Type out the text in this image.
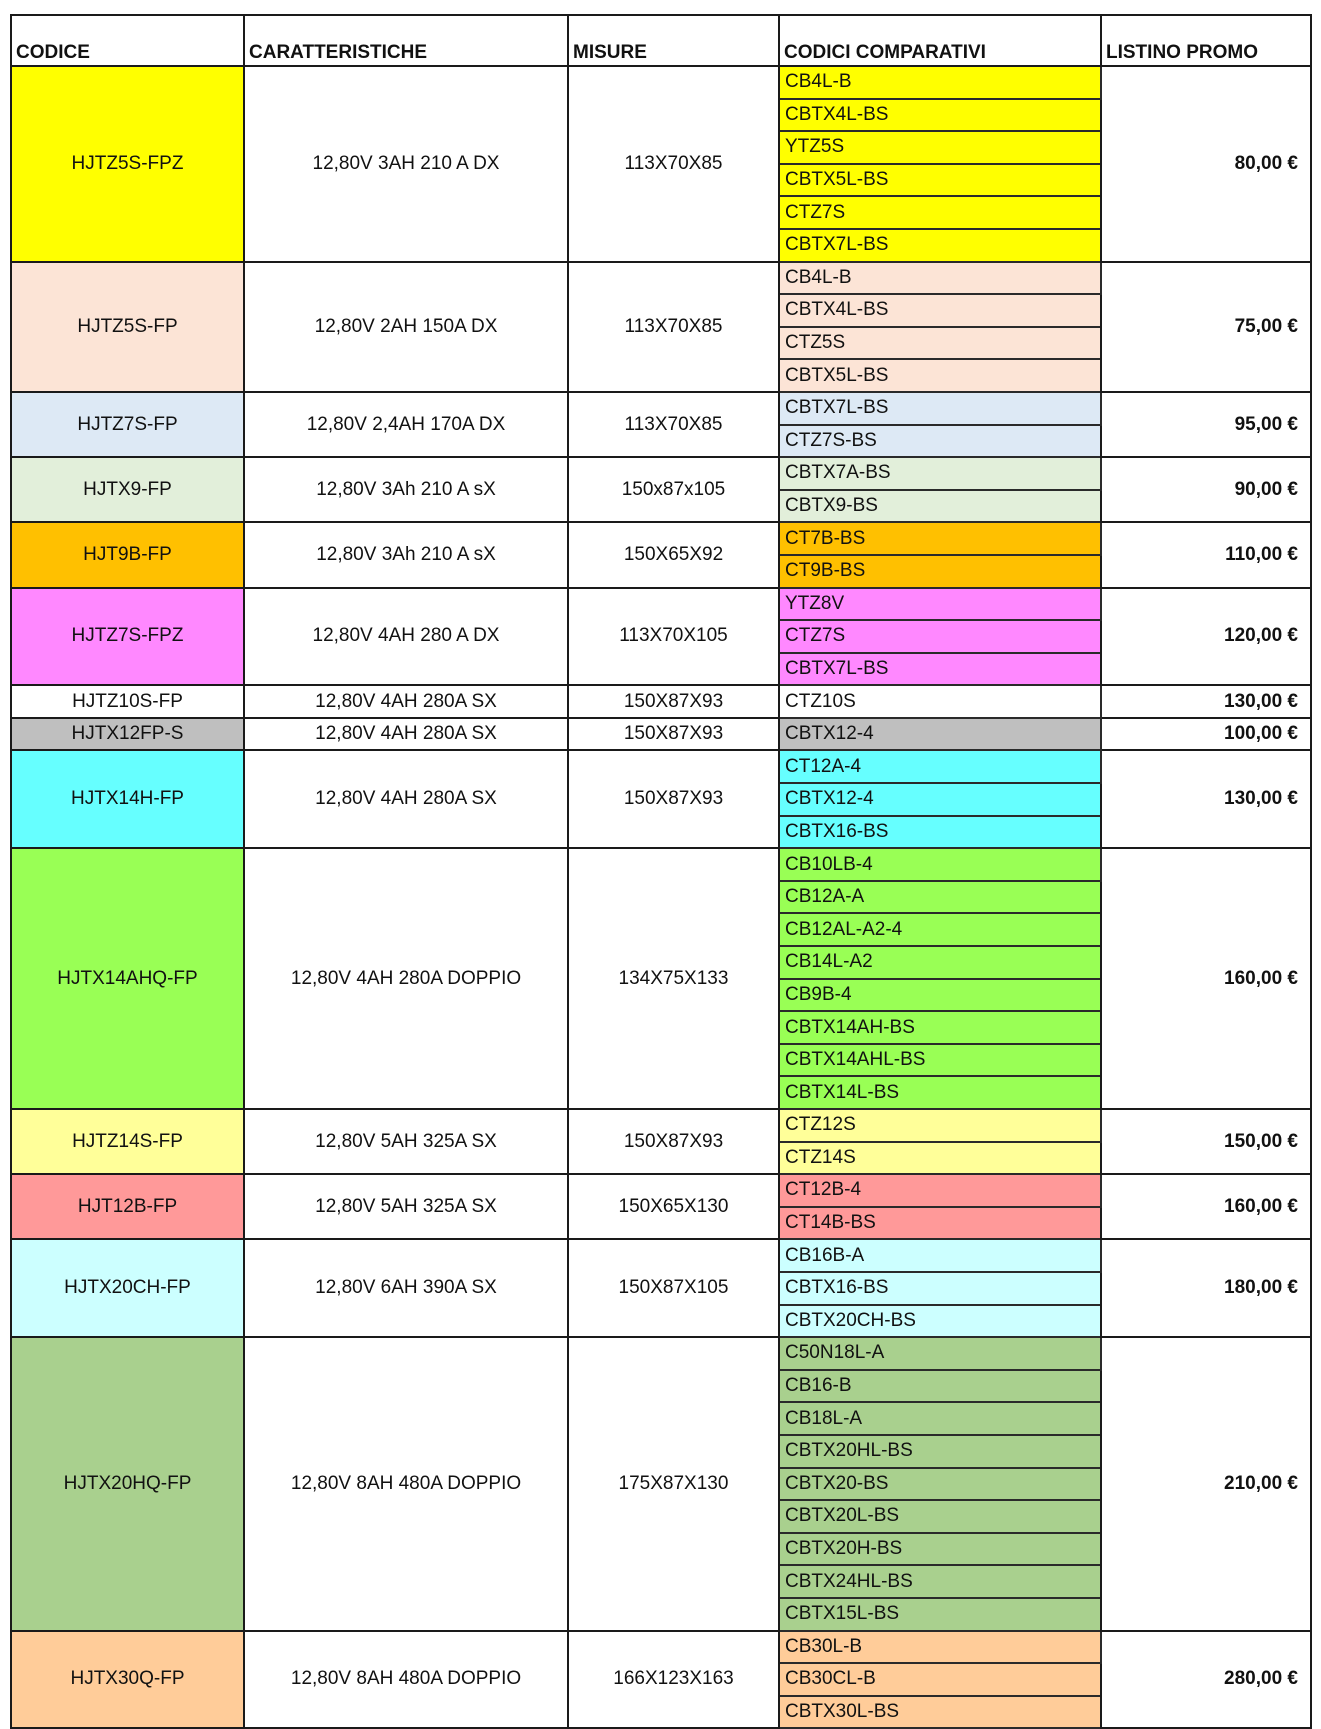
CODICE	CARATTERISTICHE	MISURE	CODICI COMPARATIVI	LISTINO PROMO
HJTZ5S-FPZ	12,80V 3AH 210 A DX	113X70X85	CB4L-B	80,00 €
			CBTX4L-BS	
			YTZ5S	
			CBTX5L-BS	
			CTZ7S	
			CBTX7L-BS	
HJTZ5S-FP	12,80V 2AH 150A DX	113X70X85	CB4L-B	75,00 €
			CBTX4L-BS	
			CTZ5S	
			CBTX5L-BS	
HJTZ7S-FP	12,80V 2,4AH 170A DX	113X70X85	CBTX7L-BS	95,00 €
			CTZ7S-BS	
HJTX9-FP	12,80V 3Ah 210 A sX	150x87x105	CBTX7A-BS	90,00 €
			CBTX9-BS	
HJT9B-FP	12,80V 3Ah 210 A sX	150X65X92	CT7B-BS	110,00 €
			CT9B-BS	
HJTZ7S-FPZ	12,80V 4AH 280 A DX	113X70X105	YTZ8V	120,00 €
			CTZ7S	
			CBTX7L-BS	
HJTZ10S-FP	12,80V 4AH 280A SX	150X87X93	CTZ10S	130,00 €
HJTX12FP-S	12,80V 4AH 280A SX	150X87X93	CBTX12-4	100,00 €
HJTX14H-FP	12,80V 4AH 280A SX	150X87X93	CT12A-4	130,00 €
			CBTX12-4	
			CBTX16-BS	
HJTX14AHQ-FP	12,80V 4AH 280A DOPPIO	134X75X133	CB10LB-4	160,00 €
			CB12A-A	
			CB12AL-A2-4	
			CB14L-A2	
			CB9B-4	
			CBTX14AH-BS	
			CBTX14AHL-BS	
			CBTX14L-BS	
HJTZ14S-FP	12,80V 5AH 325A SX	150X87X93	CTZ12S	150,00 €
			CTZ14S	
HJT12B-FP	12,80V 5AH 325A SX	150X65X130	CT12B-4	160,00 €
			CT14B-BS	
HJTX20CH-FP	12,80V 6AH 390A SX	150X87X105	CB16B-A	180,00 €
			CBTX16-BS	
			CBTX20CH-BS	
HJTX20HQ-FP	12,80V 8AH 480A DOPPIO	175X87X130	C50N18L-A	210,00 €
			CB16-B	
			CB18L-A	
			CBTX20HL-BS	
			CBTX20-BS	
			CBTX20L-BS	
			CBTX20H-BS	
			CBTX24HL-BS	
			CBTX15L-BS	
HJTX30Q-FP	12,80V 8AH 480A DOPPIO	166X123X163	CB30L-B	280,00 €
			CB30CL-B	
			CBTX30L-BS	
